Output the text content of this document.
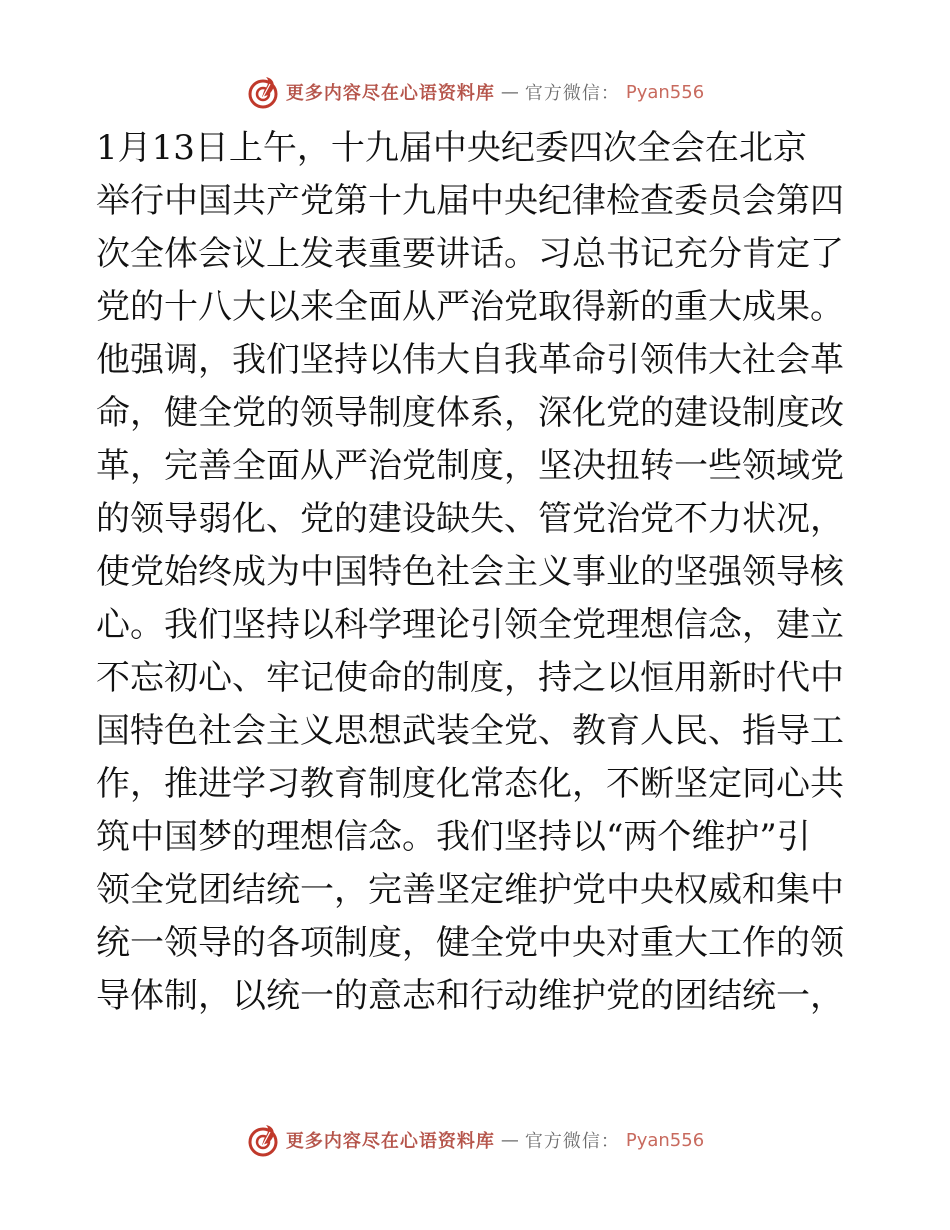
更多内容尽在心语资料库 — 官方微信： Pyan556
1月13日上午，十九届中央纪委四次全会在北京
举行中国共产党第十九届中央纪律检查委员会第四
次全体会议上发表重要讲话。习总书记充分肯定了
党的十八大以来全面从严治党取得新的重大成果。
他强调，我们坚持以伟大自我革命引领伟大社会革
命，健全党的领导制度体系，深化党的建设制度改
革，完善全面从严治党制度，坚决扭转一些领域党
的领导弱化、党的建设缺失、管党治党不力状况，
使党始终成为中国特色社会主义事业的坚强领导核
心。我们坚持以科学理论引领全党理想信念，建立
不忘初心、牢记使命的制度，持之以恒用新时代中
国特色社会主义思想武装全党、教育人民、指导工
作，推进学习教育制度化常态化，不断坚定同心共
筑中国梦的理想信念。我们坚持以“两个维护”引
领全党团结统一，完善坚定维护党中央权威和集中
统一领导的各项制度，健全党中央对重大工作的领
导体制，以统一的意志和行动维护党的团结统一，
更多内容尽在心语资料库 — 官方微信： Pyan556
